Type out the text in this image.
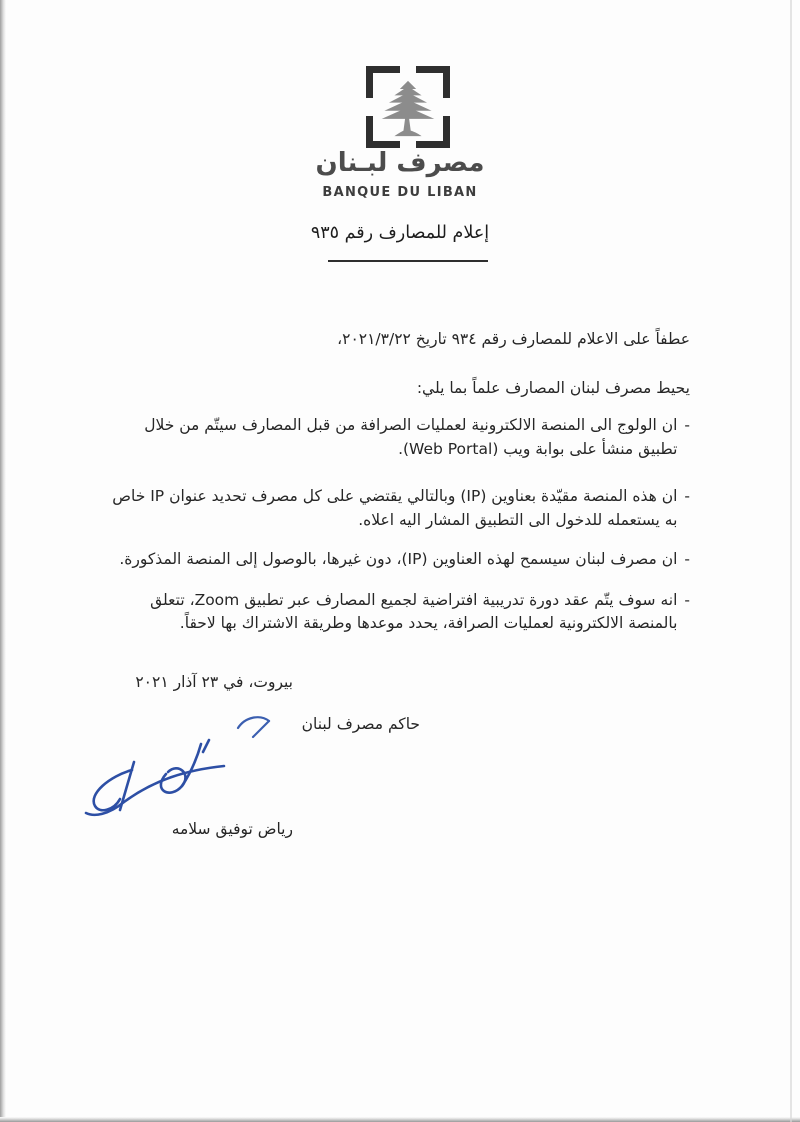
مصرف لبـنان
BANQUE DU LIBAN
إعلام للمصارف رقم ٩٣٥
عطفاً على الاعلام للمصارف رقم ٩٣٤ تاريخ ٢٠٢١/٣/٢٢،
يحيط مصرف لبنان المصارف علماً بما يلي:
-
ان الولوج الى المنصة الالكترونية لعمليات الصرافة من قبل المصارف سيتّم من خلال تطبيق منشأ على بوابة ويب (Web Portal).
-
ان هذه المنصة مقيّدة بعناوين (IP) وبالتالي يقتضي على كل مصرف تحديد عنوان IP خاص به يستعمله للدخول الى التطبيق المشار اليه اعلاه.
-
ان مصرف لبنان سيسمح لهذه العناوين (IP)، دون غيرها، بالوصول إلى المنصة المذكورة.
-
انه سوف يتّم عقد دورة تدريبية افتراضية لجميع المصارف عبر تطبيق Zoom، تتعلق بالمنصة الالكترونية لعمليات الصرافة، يحدد موعدها وطريقة الاشتراك بها لاحقاً.
بيروت، في ٢٣ آذار ٢٠٢١
حاكم مصرف لبنان
رياض توفيق سلامه
